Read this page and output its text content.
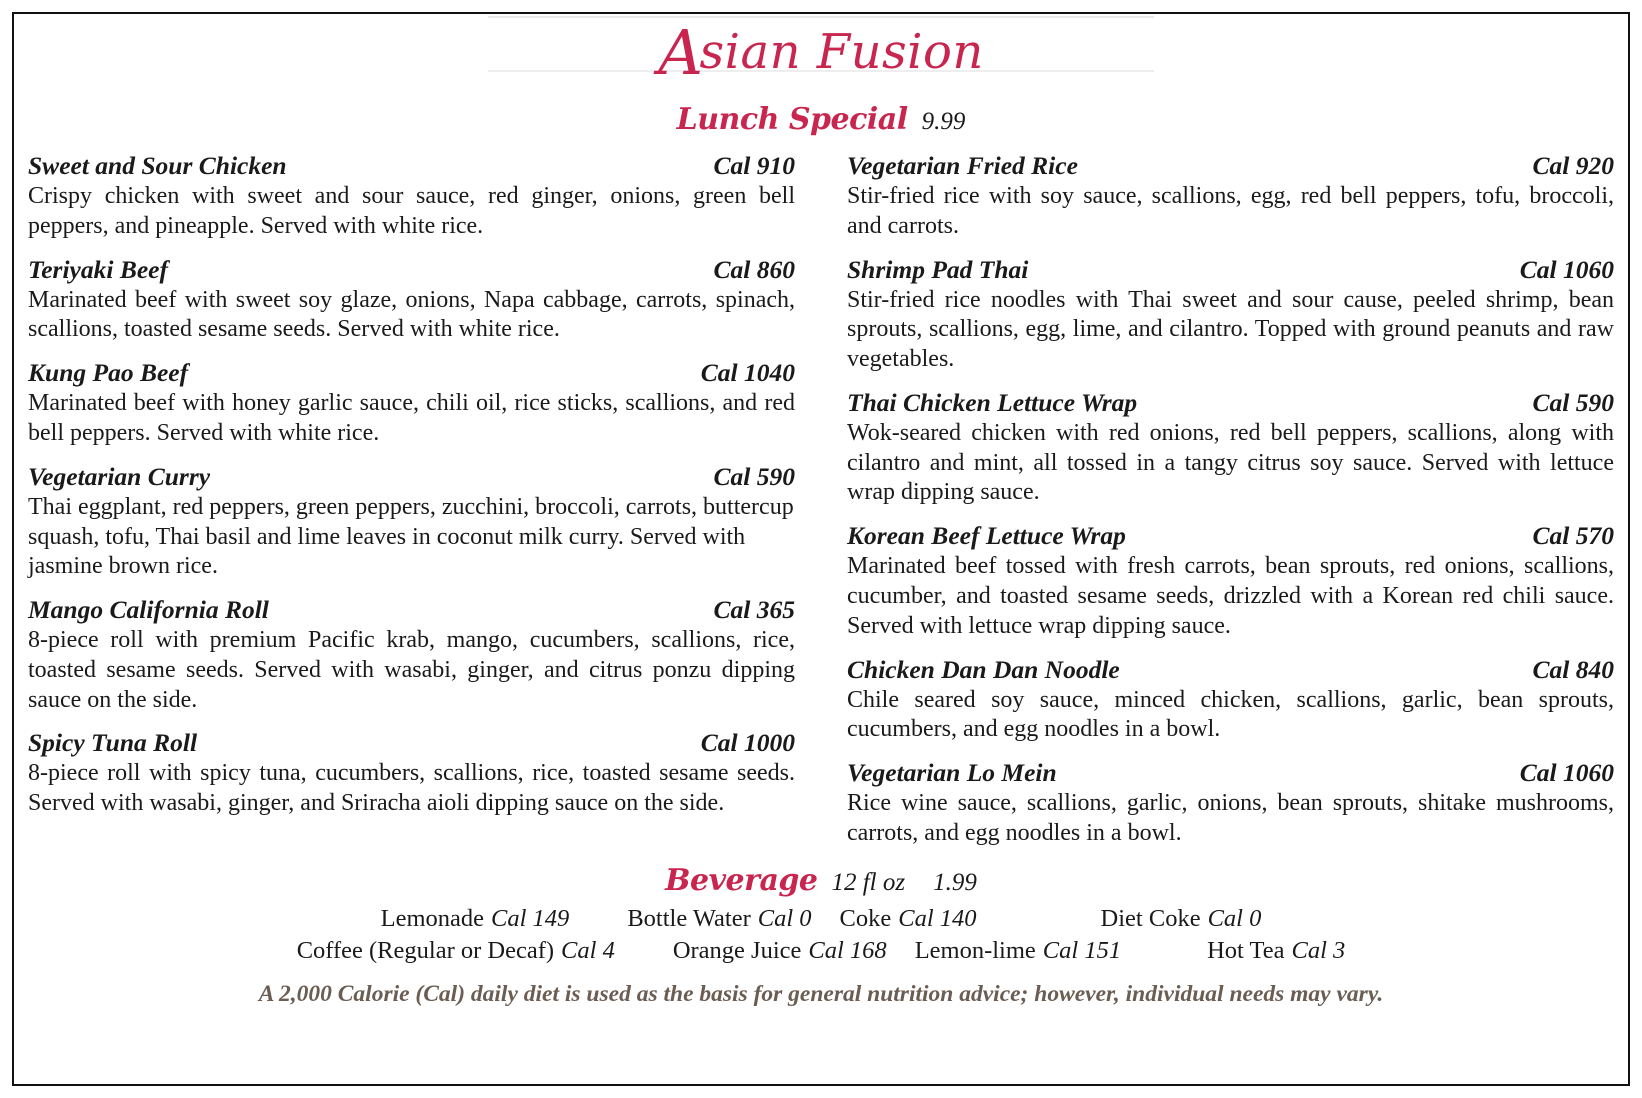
Asian Fusion
Lunch Special 9.99
Sweet and Sour Chicken	Cal 910
Crispy chicken with sweet and sour sauce, red ginger, onions, green bell peppers, and pineapple. Served with white rice.
Teriyaki Beef	Cal 860
Marinated beef with sweet soy glaze, onions, Napa cabbage, carrots, spinach, scallions, toasted sesame seeds. Served with white rice.
Kung Pao Beef	Cal 1040
Marinated beef with honey garlic sauce, chili oil, rice sticks, scallions, and red bell peppers. Served with white rice.
Vegetarian Curry	Cal 590
Thai eggplant, red peppers, green peppers, zucchini, broccoli, carrots, buttercup squash, tofu, Thai basil and lime leaves in coconut milk curry. Served with jasmine brown rice.
Mango California Roll	Cal 365
8-piece roll with premium Pacific krab, mango, cucumbers, scallions, rice, toasted sesame seeds. Served with wasabi, ginger, and citrus ponzu dipping sauce on the side.
Spicy Tuna Roll	Cal 1000
8-piece roll with spicy tuna, cucumbers, scallions, rice, toasted sesame seeds. Served with wasabi, ginger, and Sriracha aioli dipping sauce on the side.
Vegetarian Fried Rice	Cal 920
Stir-fried rice with soy sauce, scallions, egg, red bell peppers, tofu, broccoli, and carrots.
Shrimp Pad Thai	Cal 1060
Stir-fried rice noodles with Thai sweet and sour cause, peeled shrimp, bean sprouts, scallions, egg, lime, and cilantro. Topped with ground peanuts and raw vegetables.
Thai Chicken Lettuce Wrap	Cal 590
Wok-seared chicken with red onions, red bell peppers, scallions, along with cilantro and mint, all tossed in a tangy citrus soy sauce. Served with lettuce wrap dipping sauce.
Korean Beef Lettuce Wrap	Cal 570
Marinated beef tossed with fresh carrots, bean sprouts, red onions, scallions, cucumber, and toasted sesame seeds, drizzled with a Korean red chili sauce. Served with lettuce wrap dipping sauce.
Chicken Dan Dan Noodle	Cal 840
Chile seared soy sauce, minced chicken, scallions, garlic, bean sprouts, cucumbers, and egg noodles in a bowl.
Vegetarian Lo Mein	Cal 1060
Rice wine sauce, scallions, garlic, onions, bean sprouts, shitake mushrooms, carrots, and egg noodles in a bowl.
Beverage 12 fl oz 1.99
Lemonade Cal 149 Bottle Water Cal 0 Coke Cal 140	Diet Coke Cal 0
Coffee (Regular or Decaf) Cal 4 Orange Juice Cal 168 Lemon-lime Cal 151	Hot Tea Cal 3
A 2,000 Calorie (Cal) daily diet is used as the basis for general nutrition advice; however, individual needs may vary.
